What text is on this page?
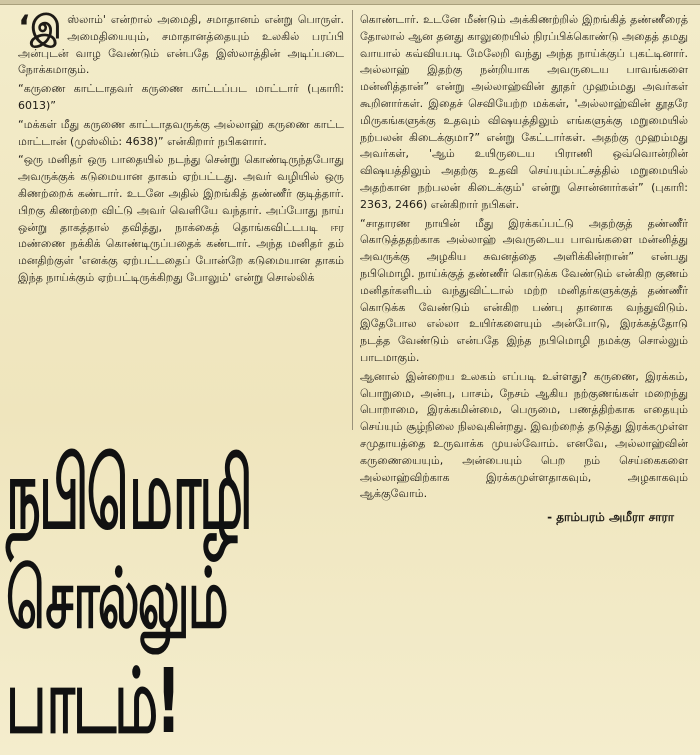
‘இஸ்லாம்' என்றால் அமைதி, சமாதானம் என்று பொருள். அமைதியையும், சமாதானத்தையும் உலகில் பரப்பி அன்புடன் வாழ வேண்டும் என்பதே இஸ்லாத்தின் அடிப்படை நோக்கமாகும்.

“கருணை காட்டாதவர் கருணை காட்டப்பட மாட்டார் (புகாரி: 6013)”

“மக்கள் மீது கருணை காட்டாதவருக்கு அல்லாஹ் கருணை காட்ட மாட்டான் (முஸ்லிம்: 4638)” என்கிறார் நபிகளார்.

“ஒரு மனிதர் ஒரு பாதையில் நடந்து சென்று கொண்டிருந்தபோது அவருக்குக் கடுமையான தாகம் ஏற்பட்டது. அவர் வழியில் ஒரு கிணற்றைக் கண்டார். உடனே அதில் இறங்கித் தண்ணீர் குடித்தார். பிறகு கிணற்றை விட்டு அவர் வெளியே வந்தார். அப்போது நாய் ஒன்று தாகத்தால் தவித்து, நாக்கைத் தொங்கவிட்டபடி ஈர மண்ணை நக்கிக் கொண்டிருப்பதைக் கண்டார். அந்த மனிதர் தம் மனதிற்குள் 'எனக்கு ஏற்பட்டதைப் போன்றே கடுமையான தாகம் இந்த நாய்க்கும் ஏற்பட்டிருக்கிறது போலும்' என்று சொல்லிக்

கொண்டார். உடனே மீண்டும் அக்கிணற்றில் இறங்கித் தண்ணீரைத் தோலால் ஆன தனது காலுறையில் நிரப்பிக்கொண்டு அதைத் தமது வாயால் கவ்வியபடி மேலேறி வந்து அந்த நாய்க்குப் புகட்டினார். அல்லாஹ் இதற்கு நன்றியாக அவருடைய பாவங்களை மன்னித்தான்” என்று அல்லாஹ்வின் தூதர் முஹம்மது அவர்கள் கூறினார்கள். இதைச் செவியேற்ற மக்கள், 'அல்லாஹ்வின் தூதரே மிருகங்களுக்கு உதவும் விஷயத்திலும் எங்களுக்கு மறுமையில் நற்பலன் கிடைக்குமா?” என்று கேட்டார்கள். அதற்கு முஹம்மது அவர்கள், 'ஆம் உயிருடைய பிராணி ஒவ்வொன்றின் விஷயத்திலும் அதற்கு உதவி செய்யும்பட்சத்தில் மறுமையில் அதற்கான நற்பலன் கிடைக்கும்' என்று சொன்னார்கள்” (புகாரி: 2363, 2466) என்கிறார் நபிகள்.

“சாதாரண நாயின் மீது இரக்கப்பட்டு அதற்குத் தண்ணீர் கொடுத்ததற்காக அல்லாஹ் அவருடைய பாவங்களை மன்னித்து அவருக்கு அழகிய சுவனத்தை அளிக்கின்றான்” என்பது நபிமொழி. நாய்க்குத் தண்ணீர் கொடுக்க வேண்டும் என்கிற குணம் மனிதர்களிடம் வந்துவிட்டால் மற்ற மனிதர்களுக்குத் தண்ணீர் கொடுக்க வேண்டும் என்கிற பண்பு தானாக வந்துவிடும். இதேபோல எல்லா உயிர்களையும் அன்போடு, இரக்கத்தோடு நடத்த வேண்டும் என்பதே இந்த நபிமொழி நமக்கு சொல்லும் பாடமாகும்.

ஆனால் இன்றைய உலகம் எப்படி உள்ளது? கருணை, இரக்கம், பொறுமை, அன்பு, பாசம், நேசம் ஆகிய நற்குணங்கள் மறைந்து பொறாமை, இரக்கமின்மை, பெருமை, பணத்திற்காக எதையும் செய்யும் சூழ்நிலை நிலவுகின்றது. இவற்றைத் தடுத்து இரக்கமுள்ள சமுதாயத்தை உருவாக்க முயல்வோம். எனவே, அல்லாஹ்வின் கருணையையும், அன்பையும் பெற நம் செய்கைகளை அல்லாஹ்விற்காக இரக்கமுள்ளதாகவும், அழகாகவும் ஆக்குவோம்.

- தாம்பரம் அமீரா சாரா

நபிமொழி
சொல்லும்
பாடம்!
